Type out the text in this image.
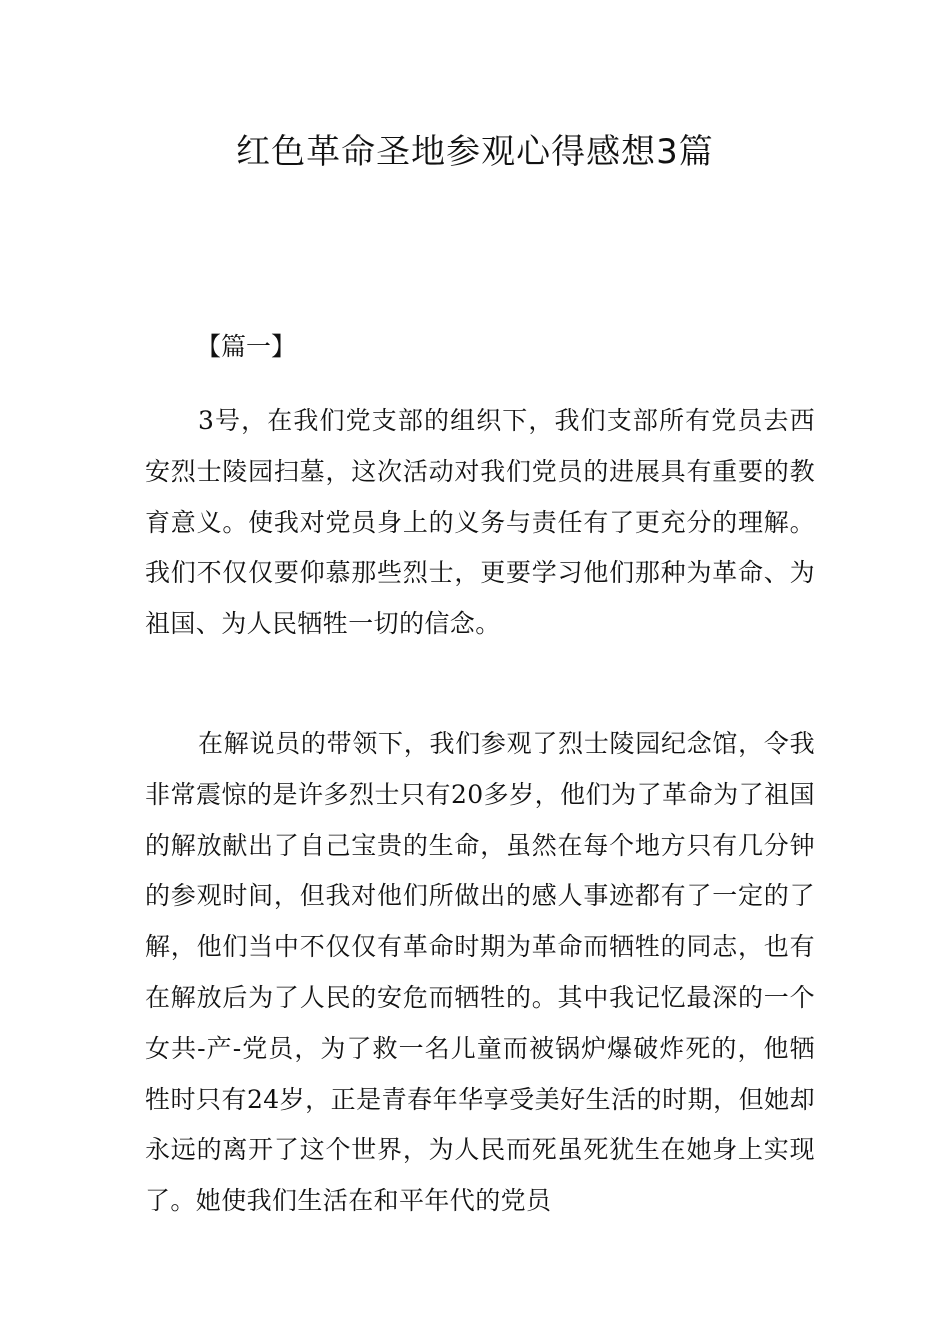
红色革命圣地参观心得感想3篇
【篇一】

3号，在我们党支部的组织下，我们支部所有党员去西安烈士陵园扫墓，这次活动对我们党员的进展具有重要的教育意义。使我对党员身上的义务与责任有了更充分的理解。我们不仅仅要仰慕那些烈士，更要学习他们那种为革命、为祖国、为人民牺牲一切的信念。

在解说员的带领下，我们参观了烈士陵园纪念馆，令我非常震惊的是许多烈士只有20多岁，他们为了革命为了祖国的解放献出了自己宝贵的生命，虽然在每个地方只有几分钟的参观时间，但我对他们所做出的感人事迹都有了一定的了解，他们当中不仅仅有革命时期为革命而牺牲的同志，也有在解放后为了人民的安危而牺牲的。其中我记忆最深的一个女共-产-党员，为了救一名儿童而被锅炉爆破炸死的，他牺牲时只有24岁，正是青春年华享受美好生活的时期，但她却永远的离开了这个世界，为人民而死虽死犹生在她身上实现了。她使我们生活在和平年代的党员
